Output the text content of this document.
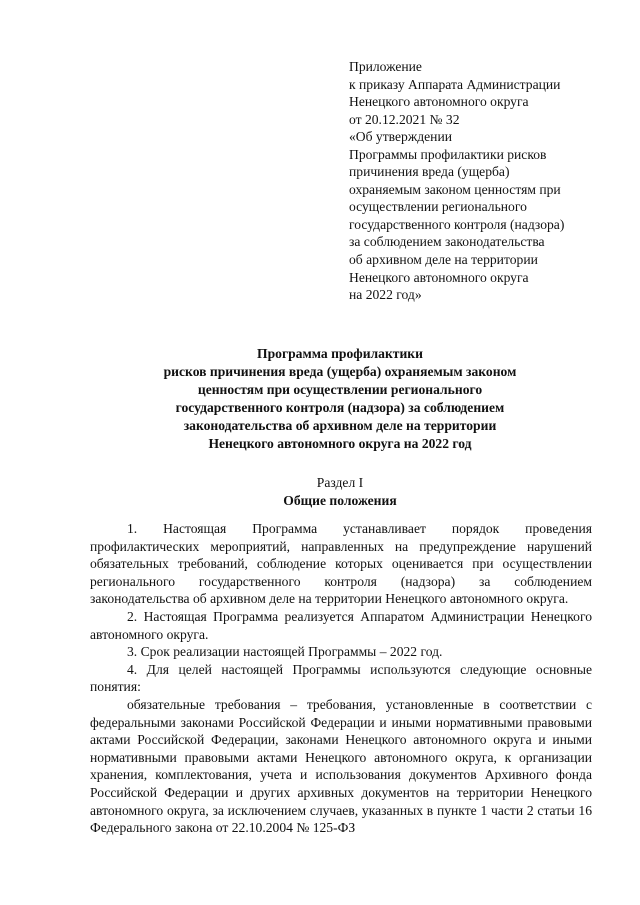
Приложение
к приказу Аппарата Администрации
Ненецкого автономного округа
от 20.12.2021 № 32
«Об утверждении
Программы профилактики рисков
причинения вреда (ущерба)
охраняемым законом ценностям при
осуществлении регионального
государственного контроля (надзора)
за соблюдением законодательства
об архивном деле на территории
Ненецкого автономного округа
на 2022 год»
Программа профилактики
рисков причинения вреда (ущерба) охраняемым законом
ценностям при осуществлении регионального
государственного контроля (надзора) за соблюдением
законодательства об архивном деле на территории
Ненецкого автономного округа на 2022 год
Раздел I
Общие положения

1. Настоящая Программа устанавливает порядок проведения профилактических мероприятий, направленных на предупреждение нарушений обязательных требований, соблюдение которых оценивается при осуществлении регионального государственного контроля (надзора) за соблюдением законодательства об архивном деле на территории Ненецкого автономного округа.

2. Настоящая Программа реализуется Аппаратом Администрации Ненецкого автономного округа.

3. Срок реализации настоящей Программы – 2022 год.

4. Для целей настоящей Программы используются следующие основные понятия:

обязательные требования – требования, установленные в соответствии с федеральными законами Российской Федерации и иными нормативными правовыми актами Российской Федерации, законами Ненецкого автономного округа и иными нормативными правовыми актами Ненецкого автономного округа, к организации хранения, комплектования, учета и использования документов Архивного фонда Российской Федерации и других архивных документов на территории Ненецкого автономного округа, за исключением случаев, указанных в пункте 1 части 2 статьи 16 Федерального закона от 22.10.2004 № 125-ФЗ
